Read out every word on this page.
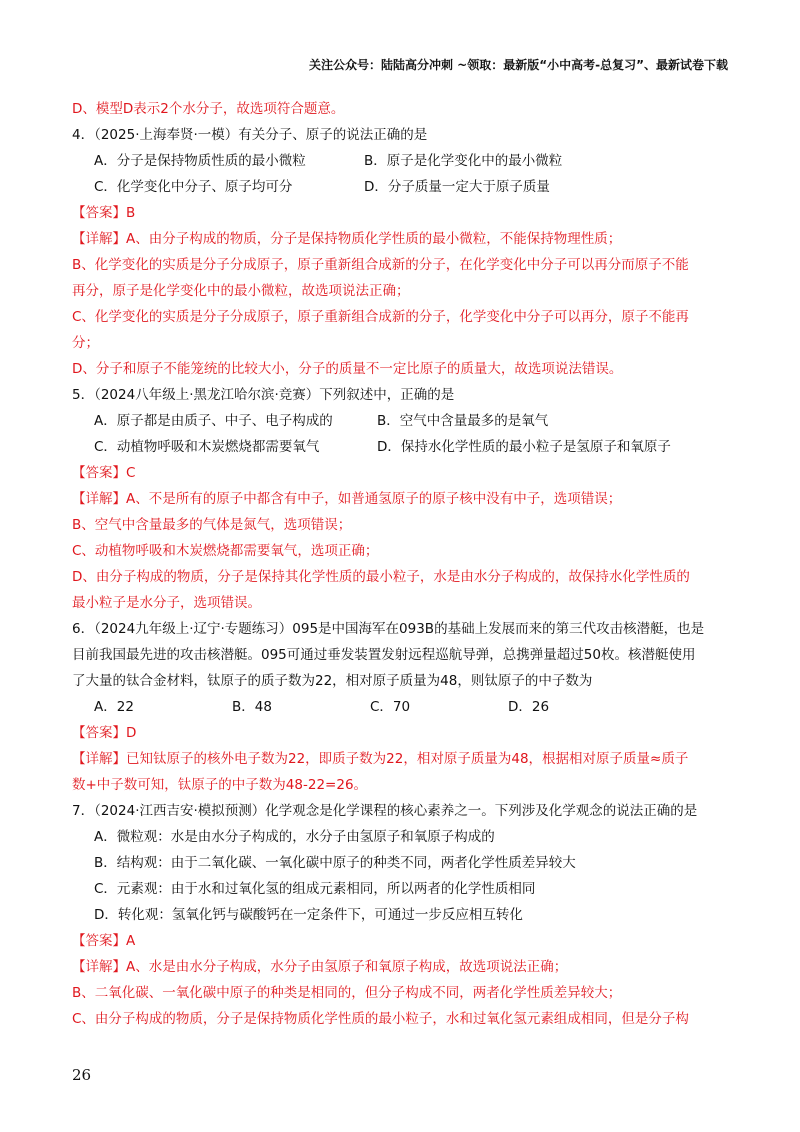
关注公众号：陆陆高分冲刺 ~领取：最新版“小中高考-总复习”、最新试卷下载
D、模型D表示2个水分子，故选项符合题意。
4．（2025·上海奉贤·一模）有关分子、原子的说法正确的是
A．分子是保持物质性质的最小微粒	B．原子是化学变化中的最小微粒
C．化学变化中分子、原子均可分	D．分子质量一定大于原子质量
【答案】B
【详解】A、由分子构成的物质，分子是保持物质化学性质的最小微粒，不能保持物理性质；
B、化学变化的实质是分子分成原子，原子重新组合成新的分子，在化学变化中分子可以再分而原子不能
再分，原子是化学变化中的最小微粒，故选项说法正确；
C、化学变化的实质是分子分成原子，原子重新组合成新的分子，化学变化中分子可以再分，原子不能再
分；
D、分子和原子不能笼统的比较大小，分子的质量不一定比原子的质量大，故选项说法错误。
5．（2024八年级上·黑龙江哈尔滨·竞赛）下列叙述中，正确的是
A．原子都是由质子、中子、电子构成的	B．空气中含量最多的是氧气
C．动植物呼吸和木炭燃烧都需要氧气	D．保持水化学性质的最小粒子是氢原子和氧原子
【答案】C
【详解】A、不是所有的原子中都含有中子，如普通氢原子的原子核中没有中子，选项错误；
B、空气中含量最多的气体是氮气，选项错误；
C、动植物呼吸和木炭燃烧都需要氧气，选项正确；
D、由分子构成的物质，分子是保持其化学性质的最小粒子，水是由水分子构成的，故保持水化学性质的
最小粒子是水分子，选项错误。
6．（2024九年级上·辽宁·专题练习）095是中国海军在093B的基础上发展而来的第三代攻击核潜艇，也是
目前我国最先进的攻击核潜艇。095可通过垂发装置发射远程巡航导弹，总携弹量超过50枚。核潜艇使用
了大量的钛合金材料，钛原子的质子数为22，相对原子质量为48，则钛原子的中子数为
A．22	B．48	C．70	D．26
【答案】D
【详解】已知钛原子的核外电子数为22，即质子数为22，相对原子质量为48，根据相对原子质量≈质子
数+中子数可知，钛原子的中子数为48-22=26。
7．（2024·江西吉安·模拟预测）化学观念是化学课程的核心素养之一。下列涉及化学观念的说法正确的是
A．微粒观：水是由水分子构成的，水分子由氢原子和氧原子构成的
B．结构观：由于二氧化碳、一氧化碳中原子的种类不同，两者化学性质差异较大
C．元素观：由于水和过氧化氢的组成元素相同，所以两者的化学性质相同
D．转化观：氢氧化钙与碳酸钙在一定条件下，可通过一步反应相互转化
【答案】A
【详解】A、水是由水分子构成，水分子由氢原子和氧原子构成，故选项说法正确；
B、二氧化碳、一氧化碳中原子的种类是相同的，但分子构成不同，两者化学性质差异较大；
C、由分子构成的物质，分子是保持物质化学性质的最小粒子，水和过氧化氢元素组成相同，但是分子构
26
